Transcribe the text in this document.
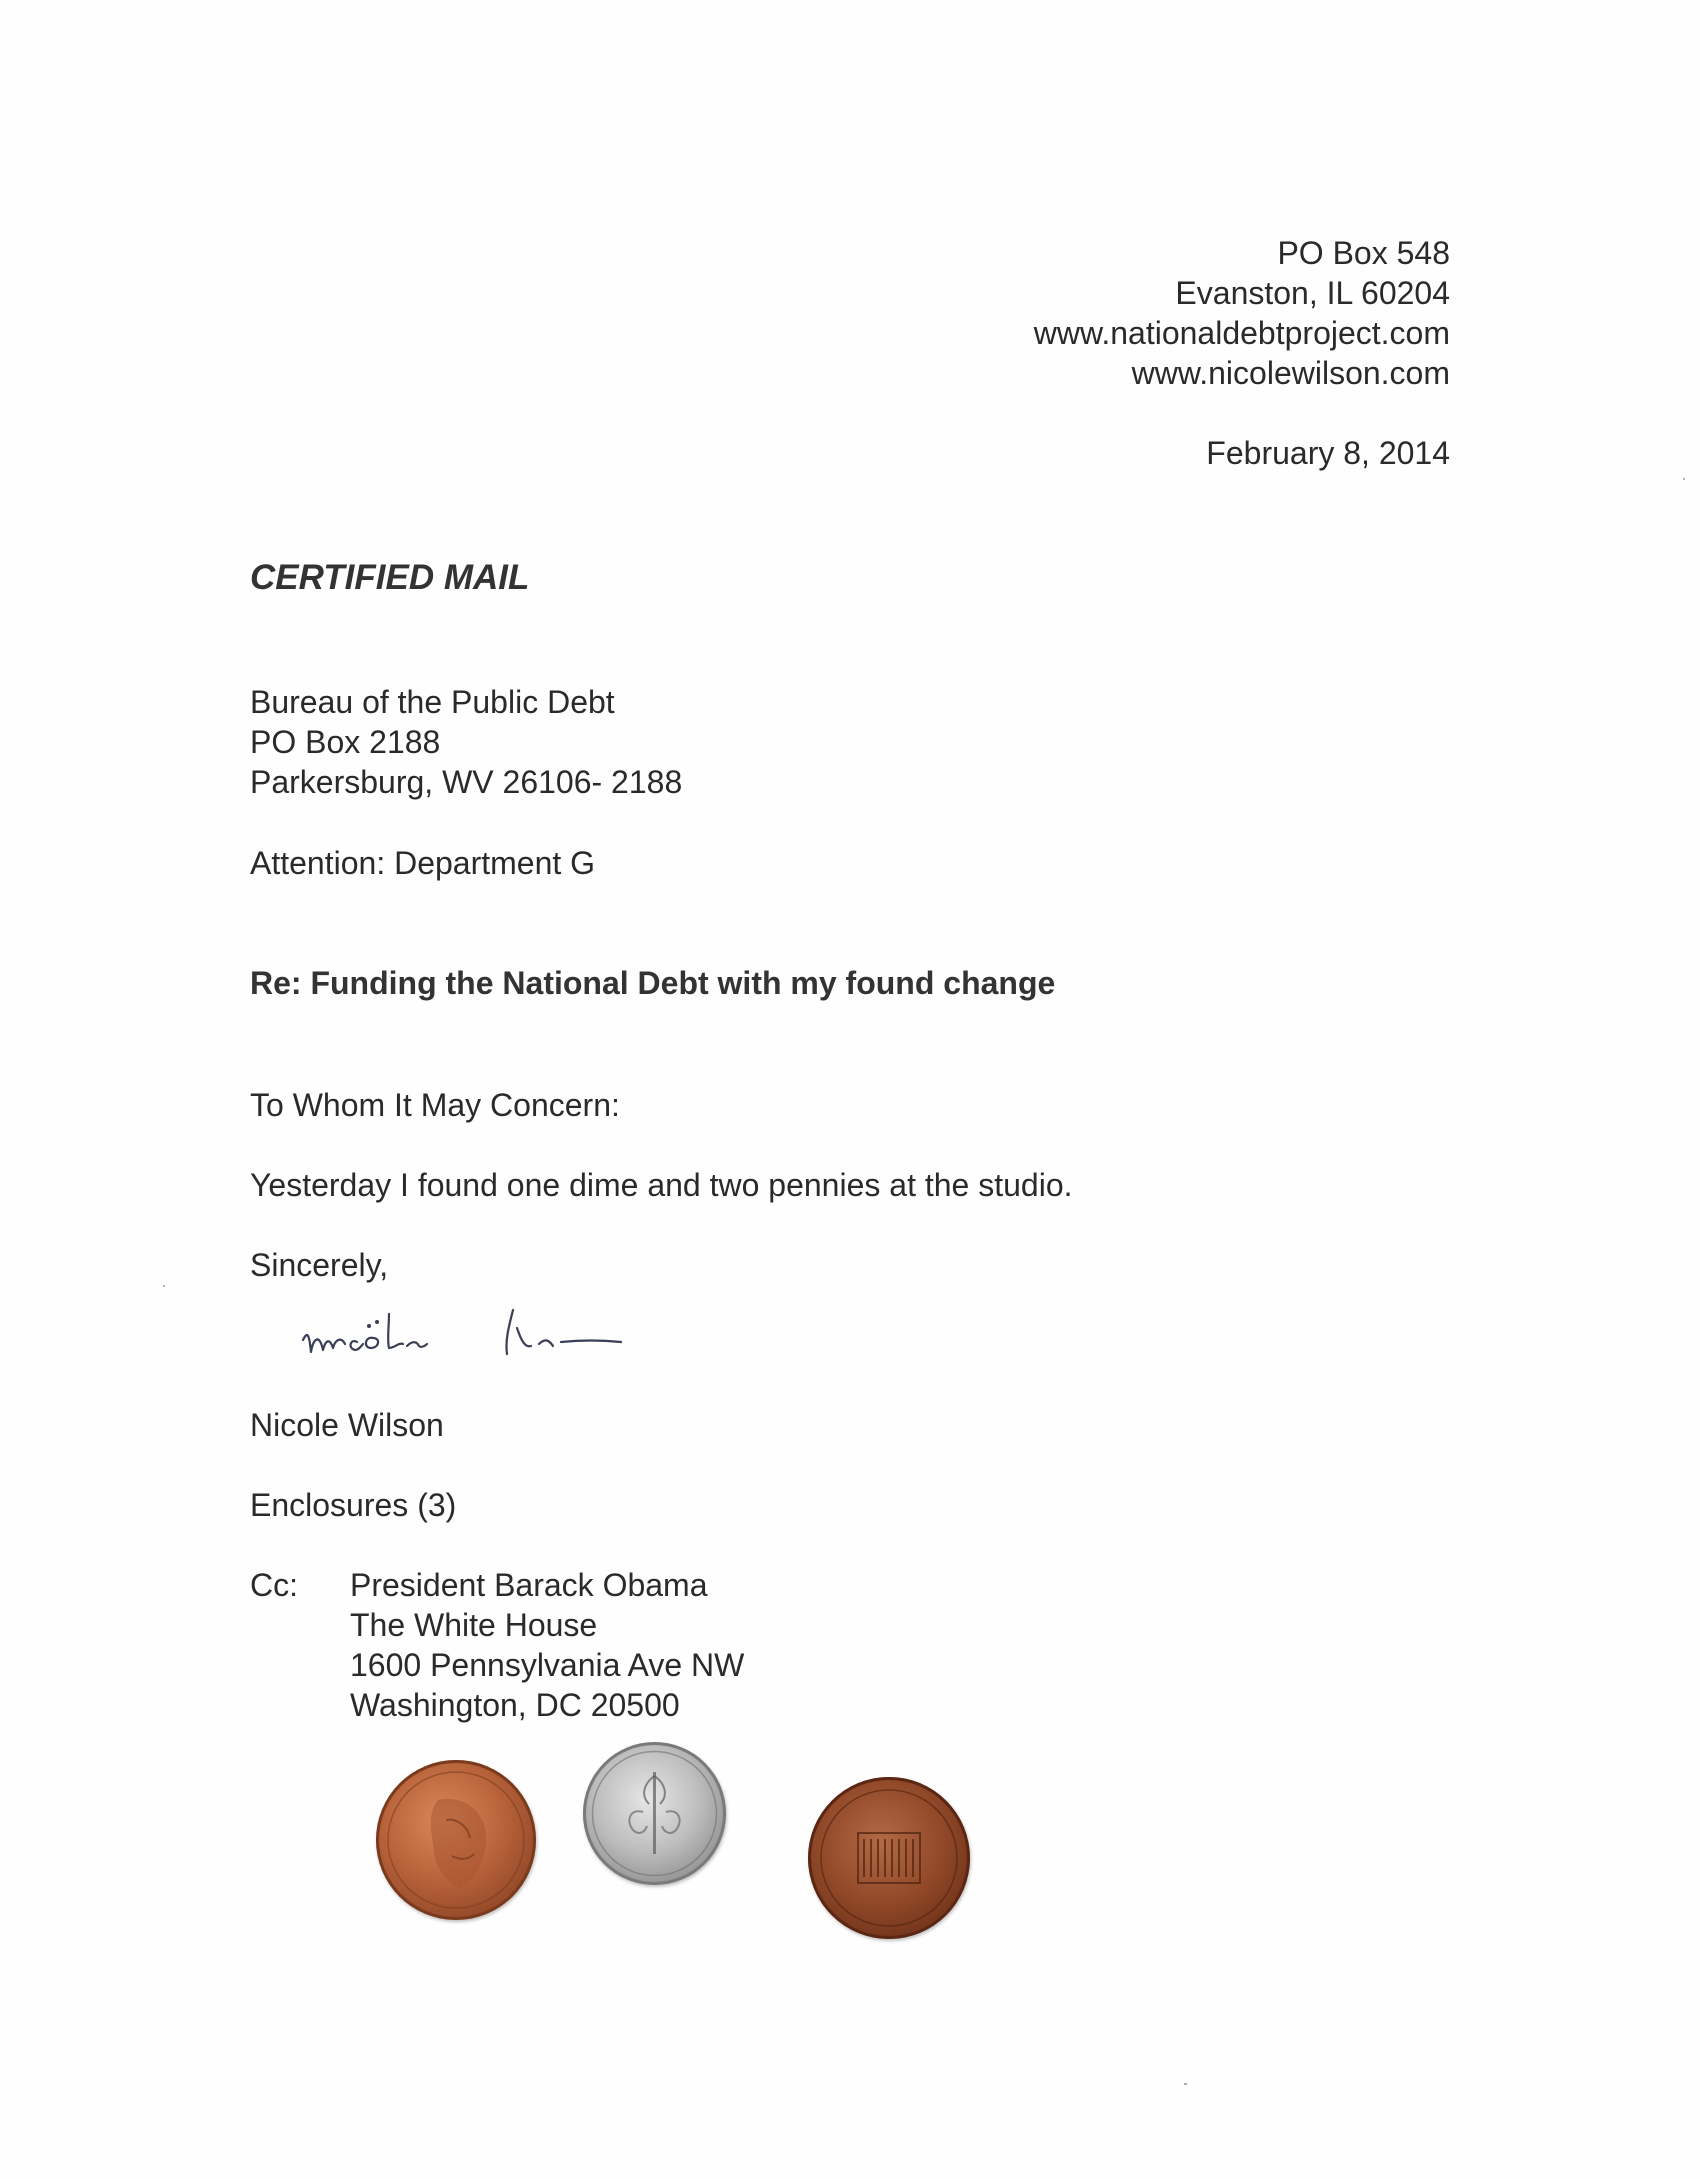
PO Box 548
Evanston, IL 60204
www.nationaldebtproject.com
www.nicolewilson.com
February 8, 2014
CERTIFIED MAIL
Bureau of the Public Debt
PO Box 2188
Parkersburg, WV 26106- 2188
Attention: Department G
Re: Funding the National Debt with my found change
To Whom It May Concern:
Yesterday I found one dime and two pennies at the studio.
Sincerely,
Nicole Wilson
Enclosures (3)
Cc: President Barack Obama
The White House
1600 Pennsylvania Ave NW
Washington, DC 20500
